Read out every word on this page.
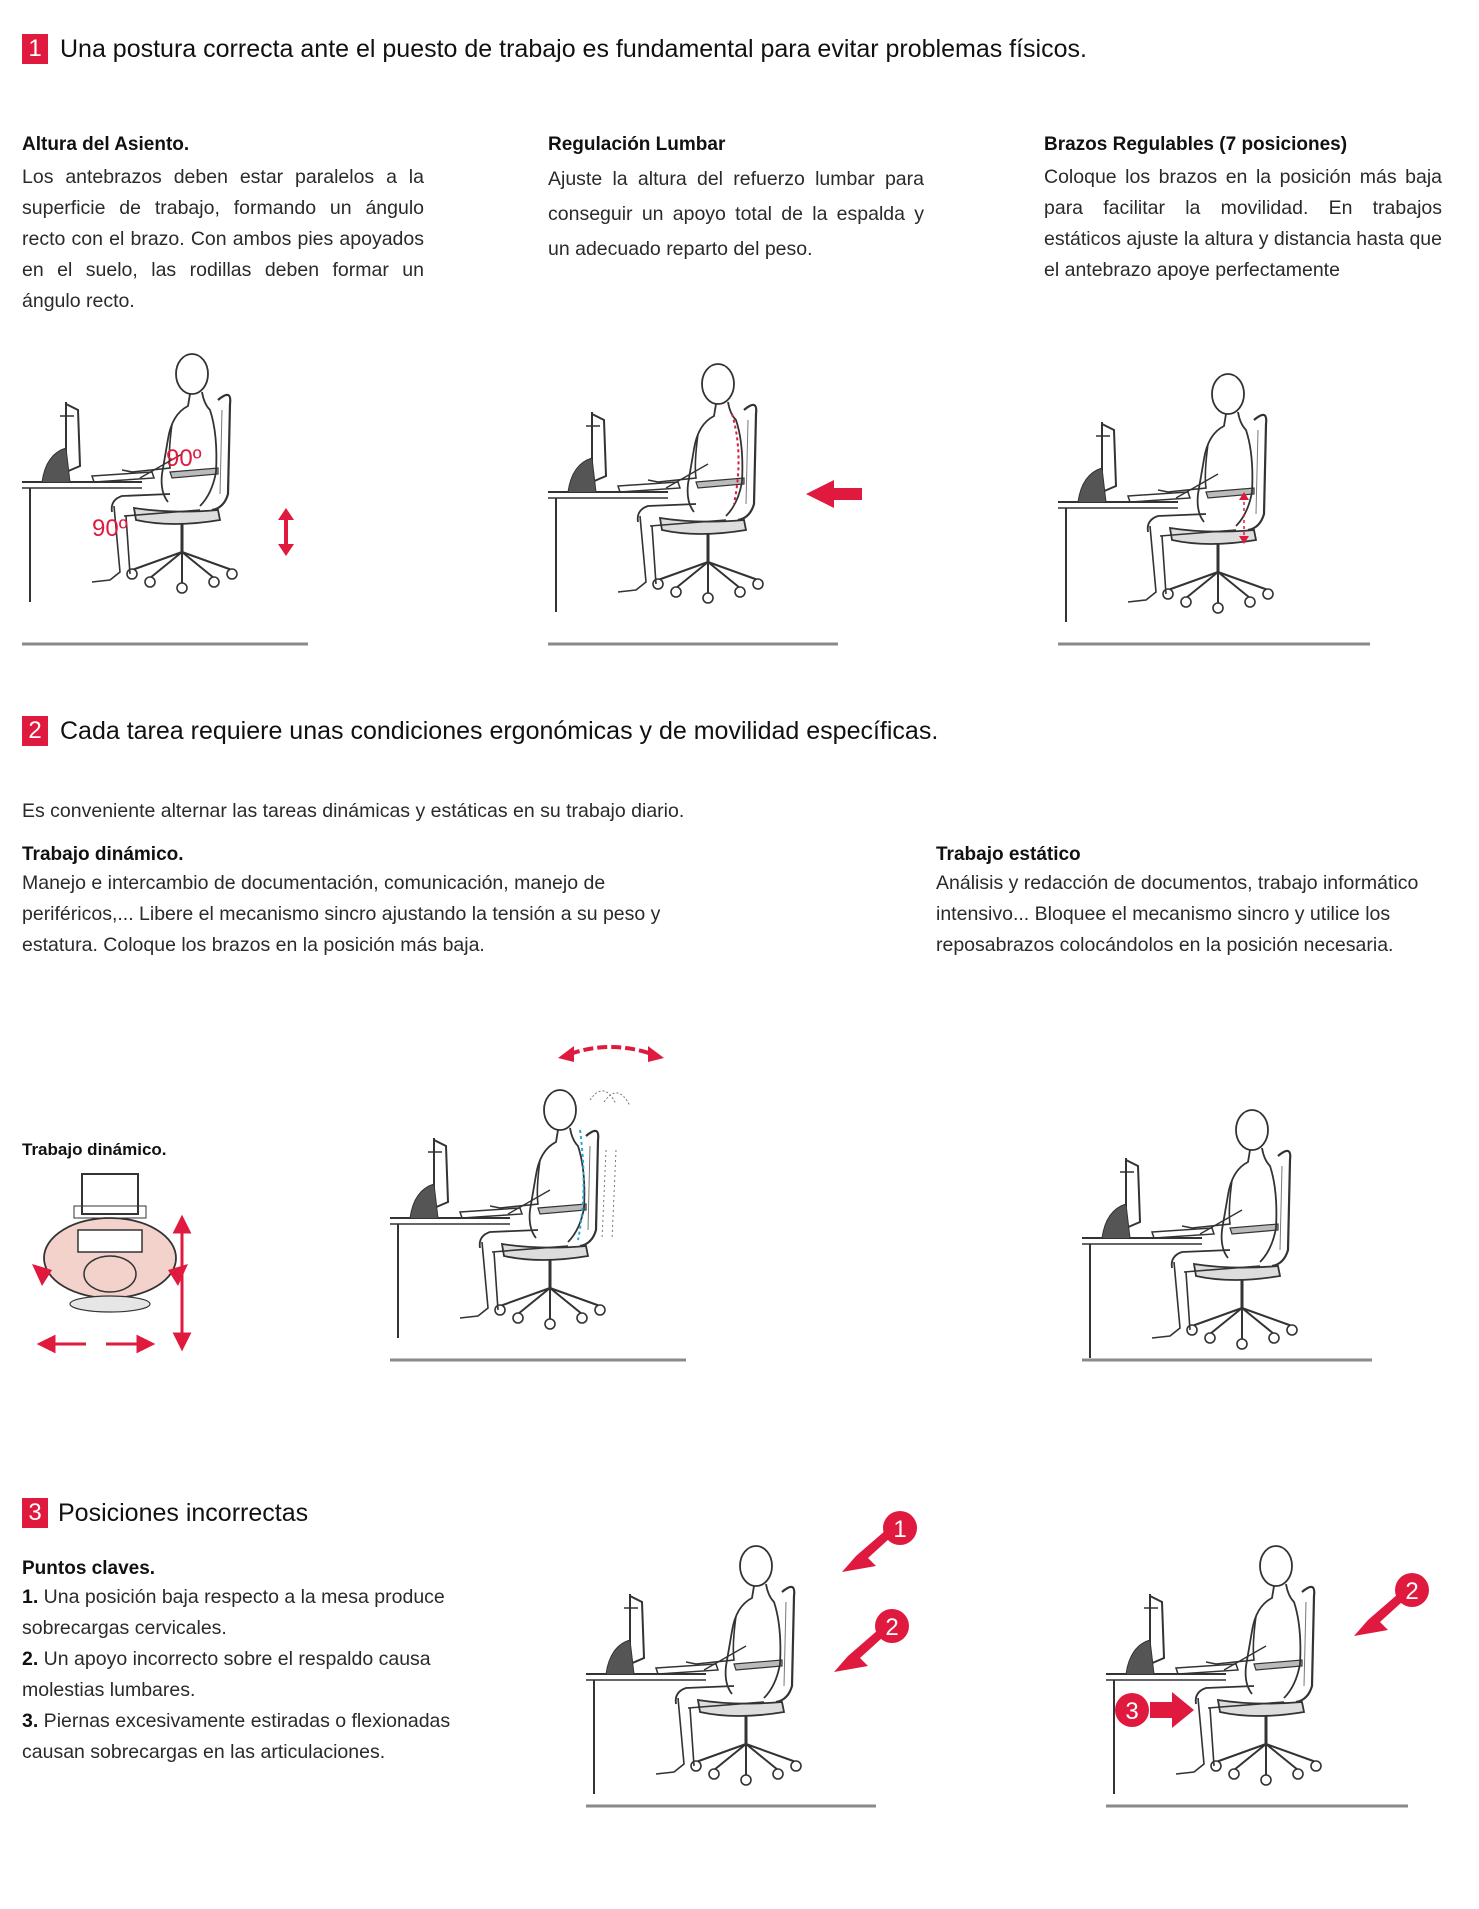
1 Una postura correcta ante el puesto de trabajo es fundamental para evitar problemas físicos.
Altura del Asiento.
Los antebrazos deben estar paralelos a la superficie de trabajo, formando un ángulo recto con el brazo. Con ambos pies apoyados en el suelo, las rodillas deben formar un ángulo recto.
Regulación Lumbar
Ajuste la altura del refuerzo lumbar para conseguir un apoyo total de la espalda y un adecuado reparto del peso.
Brazos Regulables (7 posiciones)
Coloque los brazos en la posición más baja para facilitar la movilidad. En trabajos estáticos ajuste la altura y distancia hasta que el antebrazo apoye perfectamente
90º
90º
2 Cada tarea requiere unas condiciones ergonómicas y de movilidad específicas.
Es conveniente alternar las tareas dinámicas y estáticas en su trabajo diario.
Trabajo dinámico.
Manejo e intercambio de documentación, comunicación, manejo de periféricos,... Libere el mecanismo sincro ajustando la tensión a su peso y estatura. Coloque los brazos en la posición más baja.
Trabajo estático
Análisis y redacción de documentos, trabajo informático intensivo... Bloquee el mecanismo sincro y utilice los reposabrazos colocándolos en la posición necesaria.
Trabajo dinámico.
3 Posiciones incorrectas
Puntos claves.
1. Una posición baja respecto a la mesa produce sobrecargas cervicales.
2. Un apoyo incorrecto sobre el respaldo causa molestias lumbares.
3. Piernas excesivamente estiradas o flexionadas causan sobrecargas en las articulaciones.
1
2
2
3
